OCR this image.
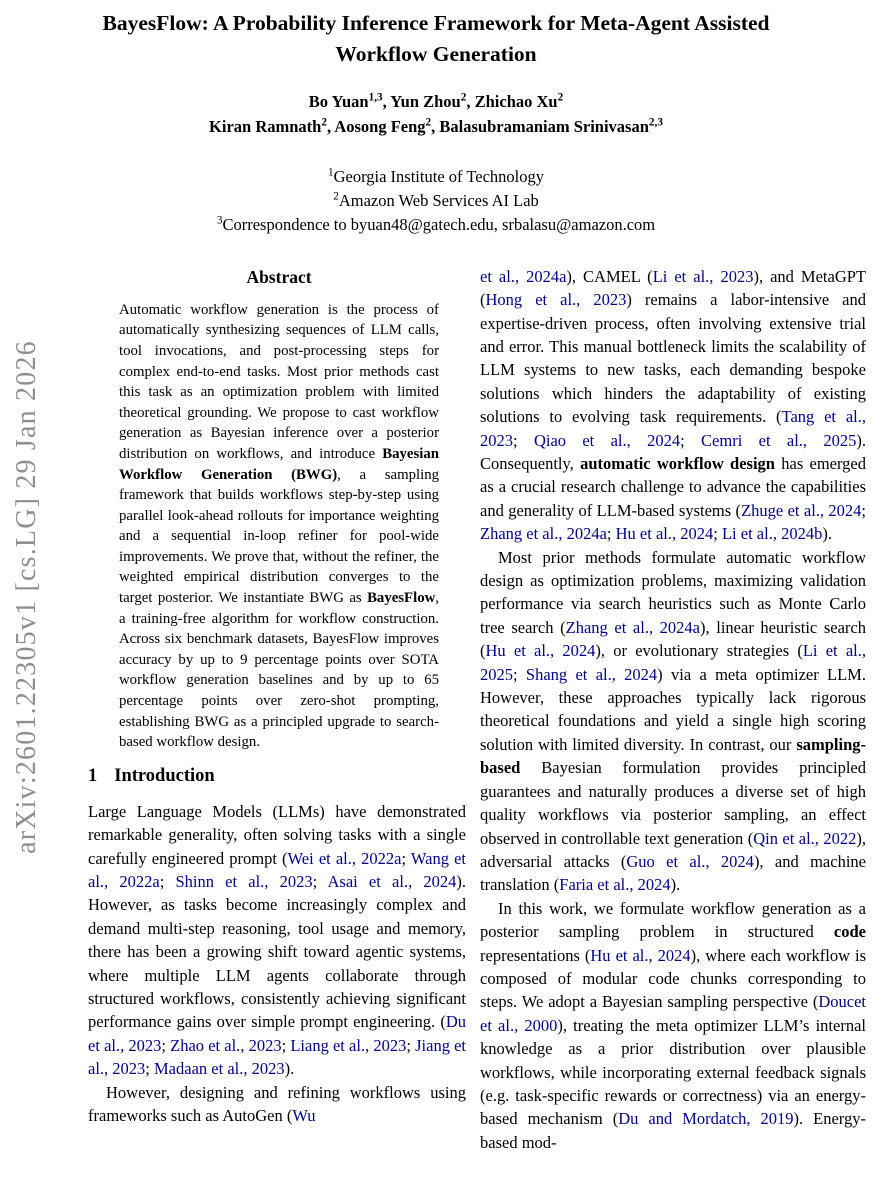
arXiv:2601.22305v1 [cs.LG] 29 Jan 2026
BayesFlow: A Probability Inference Framework for Meta-Agent Assisted Workflow Generation
Bo Yuan$^{1,3}$, Yun Zhou$^2$, Zhichao Xu$^2$
Kiran Ramnath$^2$, Aosong Feng$^2$, Balasubramaniam Srinivasan$^{2,3}$
$^1$Georgia Institute of Technology
$^2$Amazon Web Services AI Lab
$^3$Correspondence to byuan48@gatech.edu, srbalasu@amazon.com
Abstract

Automatic workflow generation is the process of automatically synthesizing sequences of LLM calls, tool invocations, and post-processing steps for complex end-to-end tasks. Most prior methods cast this task as an optimization problem with limited theoretical grounding. We propose to cast workflow generation as Bayesian inference over a posterior distribution on workflows, and introduce Bayesian Workflow Generation (BWG), a sampling framework that builds workflows step-by-step using parallel look-ahead rollouts for importance weighting and a sequential in-loop refiner for pool-wide improvements. We prove that, without the refiner, the weighted empirical distribution converges to the target posterior. We instantiate BWG as BayesFlow, a training-free algorithm for workflow construction. Across six benchmark datasets, BayesFlow improves accuracy by up to 9 percentage points over SOTA workflow generation baselines and by up to 65 percentage points over zero-shot prompting, establishing BWG as a principled upgrade to search-based workflow design.

1 Introduction

Large Language Models (LLMs) have demonstrated remarkable generality, often solving tasks with a single carefully engineered prompt (Wei et al., 2022a; Wang et al., 2022a; Shinn et al., 2023; Asai et al., 2024). However, as tasks become increasingly complex and demand multi-step reasoning, tool usage and memory, there has been a growing shift toward agentic systems, where multiple LLM agents collaborate through structured workflows, consistently achieving significant performance gains over simple prompt engineering. (Du et al., 2023; Zhao et al., 2023; Liang et al., 2023; Jiang et al., 2023; Madaan et al., 2023).

However, designing and refining workflows using frameworks such as AutoGen (Wu

et al., 2024a), CAMEL (Li et al., 2023), and MetaGPT (Hong et al., 2023) remains a labor-intensive and expertise-driven process, often involving extensive trial and error. This manual bottleneck limits the scalability of LLM systems to new tasks, each demanding bespoke solutions which hinders the adaptability of existing solutions to evolving task requirements. (Tang et al., 2023; Qiao et al., 2024; Cemri et al., 2025). Consequently, automatic workflow design has emerged as a crucial research challenge to advance the capabilities and generality of LLM-based systems (Zhuge et al., 2024; Zhang et al., 2024a; Hu et al., 2024; Li et al., 2024b).

Most prior methods formulate automatic workflow design as optimization problems, maximizing validation performance via search heuristics such as Monte Carlo tree search (Zhang et al., 2024a), linear heuristic search (Hu et al., 2024), or evolutionary strategies (Li et al., 2025; Shang et al., 2024) via a meta optimizer LLM. However, these approaches typically lack rigorous theoretical foundations and yield a single high scoring solution with limited diversity. In contrast, our sampling-based Bayesian formulation provides principled guarantees and naturally produces a diverse set of high quality workflows via posterior sampling, an effect observed in controllable text generation (Qin et al., 2022), adversarial attacks (Guo et al., 2024), and machine translation (Faria et al., 2024).

In this work, we formulate workflow generation as a posterior sampling problem in structured code representations (Hu et al., 2024), where each workflow is composed of modular code chunks corresponding to steps. We adopt a Bayesian sampling perspective (Doucet et al., 2000), treating the meta optimizer LLM’s internal knowledge as a prior distribution over plausible workflows, while incorporating external feedback signals (e.g. task-specific rewards or correctness) via an energy-based mechanism (Du and Mordatch, 2019). Energy-based mod-
